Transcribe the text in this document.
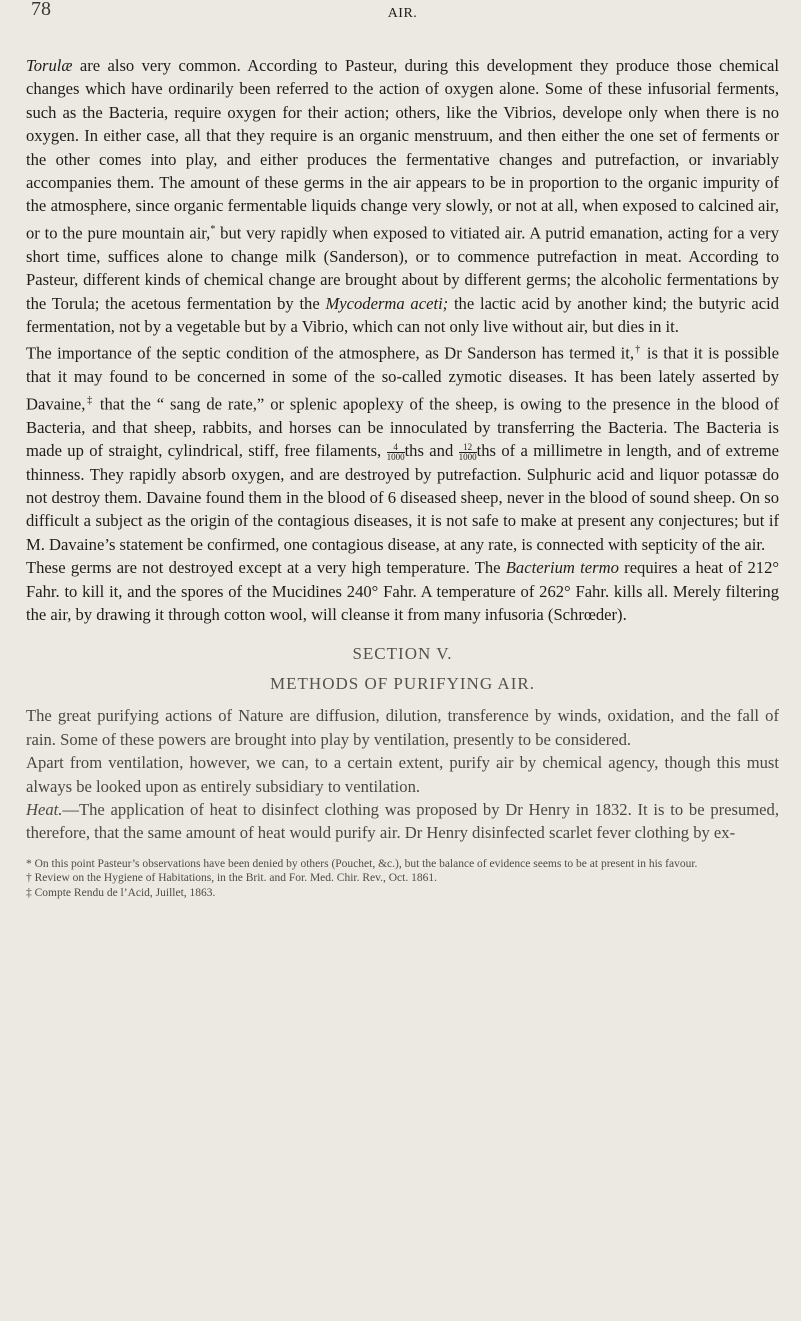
78	AIR.

Torulæ are also very common. According to Pasteur, during this development they produce those chemical changes which have ordinarily been referred to the action of oxygen alone. Some of these infusorial ferments, such as the Bacteria, require oxygen for their action; others, like the Vibrios, develope only when there is no oxygen. In either case, all that they require is an organic menstruum, and then either the one set of ferments or the other comes into play, and either produces the fermentative changes and putrefaction, or invariably accompanies them. The amount of these germs in the air appears to be in proportion to the organic impurity of the atmosphere, since organic fermentable liquids change very slowly, or not at all, when exposed to calcined air, or to the pure mountain air,* but very rapidly when exposed to vitiated air. A putrid emanation, acting for a very short time, suffices alone to change milk (Sanderson), or to commence putrefaction in meat. According to Pasteur, different kinds of chemical change are brought about by different germs; the alcoholic fermentations by the Torula; the acetous fermentation by the Mycoderma aceti; the lactic acid by another kind; the butyric acid fermentation, not by a vegetable but by a Vibrio, which can not only live without air, but dies in it.

The importance of the septic condition of the atmosphere, as Dr Sanderson has termed it,† is that it is possible that it may found to be concerned in some of the so-called zymotic diseases. It has been lately asserted by Davaine,‡ that the “ sang de rate,” or splenic apoplexy of the sheep, is owing to the presence in the blood of Bacteria, and that sheep, rabbits, and horses can be innoculated by transferring the Bacteria. The Bacteria is made up of straight, cylindrical, stiff, free filaments, $\frac{4}{1000}$ ths and $\frac{12}{1000}$ ths of a millimetre in length, and of extreme thinness. They rapidly absorb oxygen, and are destroyed by putrefaction. Sulphuric acid and liquor potassæ do not destroy them. Davaine found them in the blood of 6 diseased sheep, never in the blood of sound sheep. On so difficult a subject as the origin of the contagious diseases, it is not safe to make at present any conjectures; but if M. Davaine’s statement be confirmed, one contagious disease, at any rate, is connected with septicity of the air.

These germs are not destroyed except at a very high temperature. The Bacterium termo requires a heat of 212° Fahr. to kill it, and the spores of the Mucidines 240° Fahr. A temperature of 262° Fahr. kills all. Merely filtering the air, by drawing it through cotton wool, will cleanse it from many infusoria (Schrœder).

SECTION V.
METHODS OF PURIFYING AIR.

The great purifying actions of Nature are diffusion, dilution, transference by winds, oxidation, and the fall of rain. Some of these powers are brought into play by ventilation, presently to be considered.

Apart from ventilation, however, we can, to a certain extent, purify air by chemical agency, though this must always be looked upon as entirely subsidiary to ventilation.

Heat.—The application of heat to disinfect clothing was proposed by Dr Henry in 1832. It is to be presumed, therefore, that the same amount of heat would purify air. Dr Henry disinfected scarlet fever clothing by ex-

* On this point Pasteur’s observations have been denied by others (Pouchet, &c.), but the balance of evidence seems to be at present in his favour.

† Review on the Hygiene of Habitations, in the Brit. and For. Med. Chir. Rev., Oct. 1861.

‡ Compte Rendu de l’Acid, Juillet, 1863.
